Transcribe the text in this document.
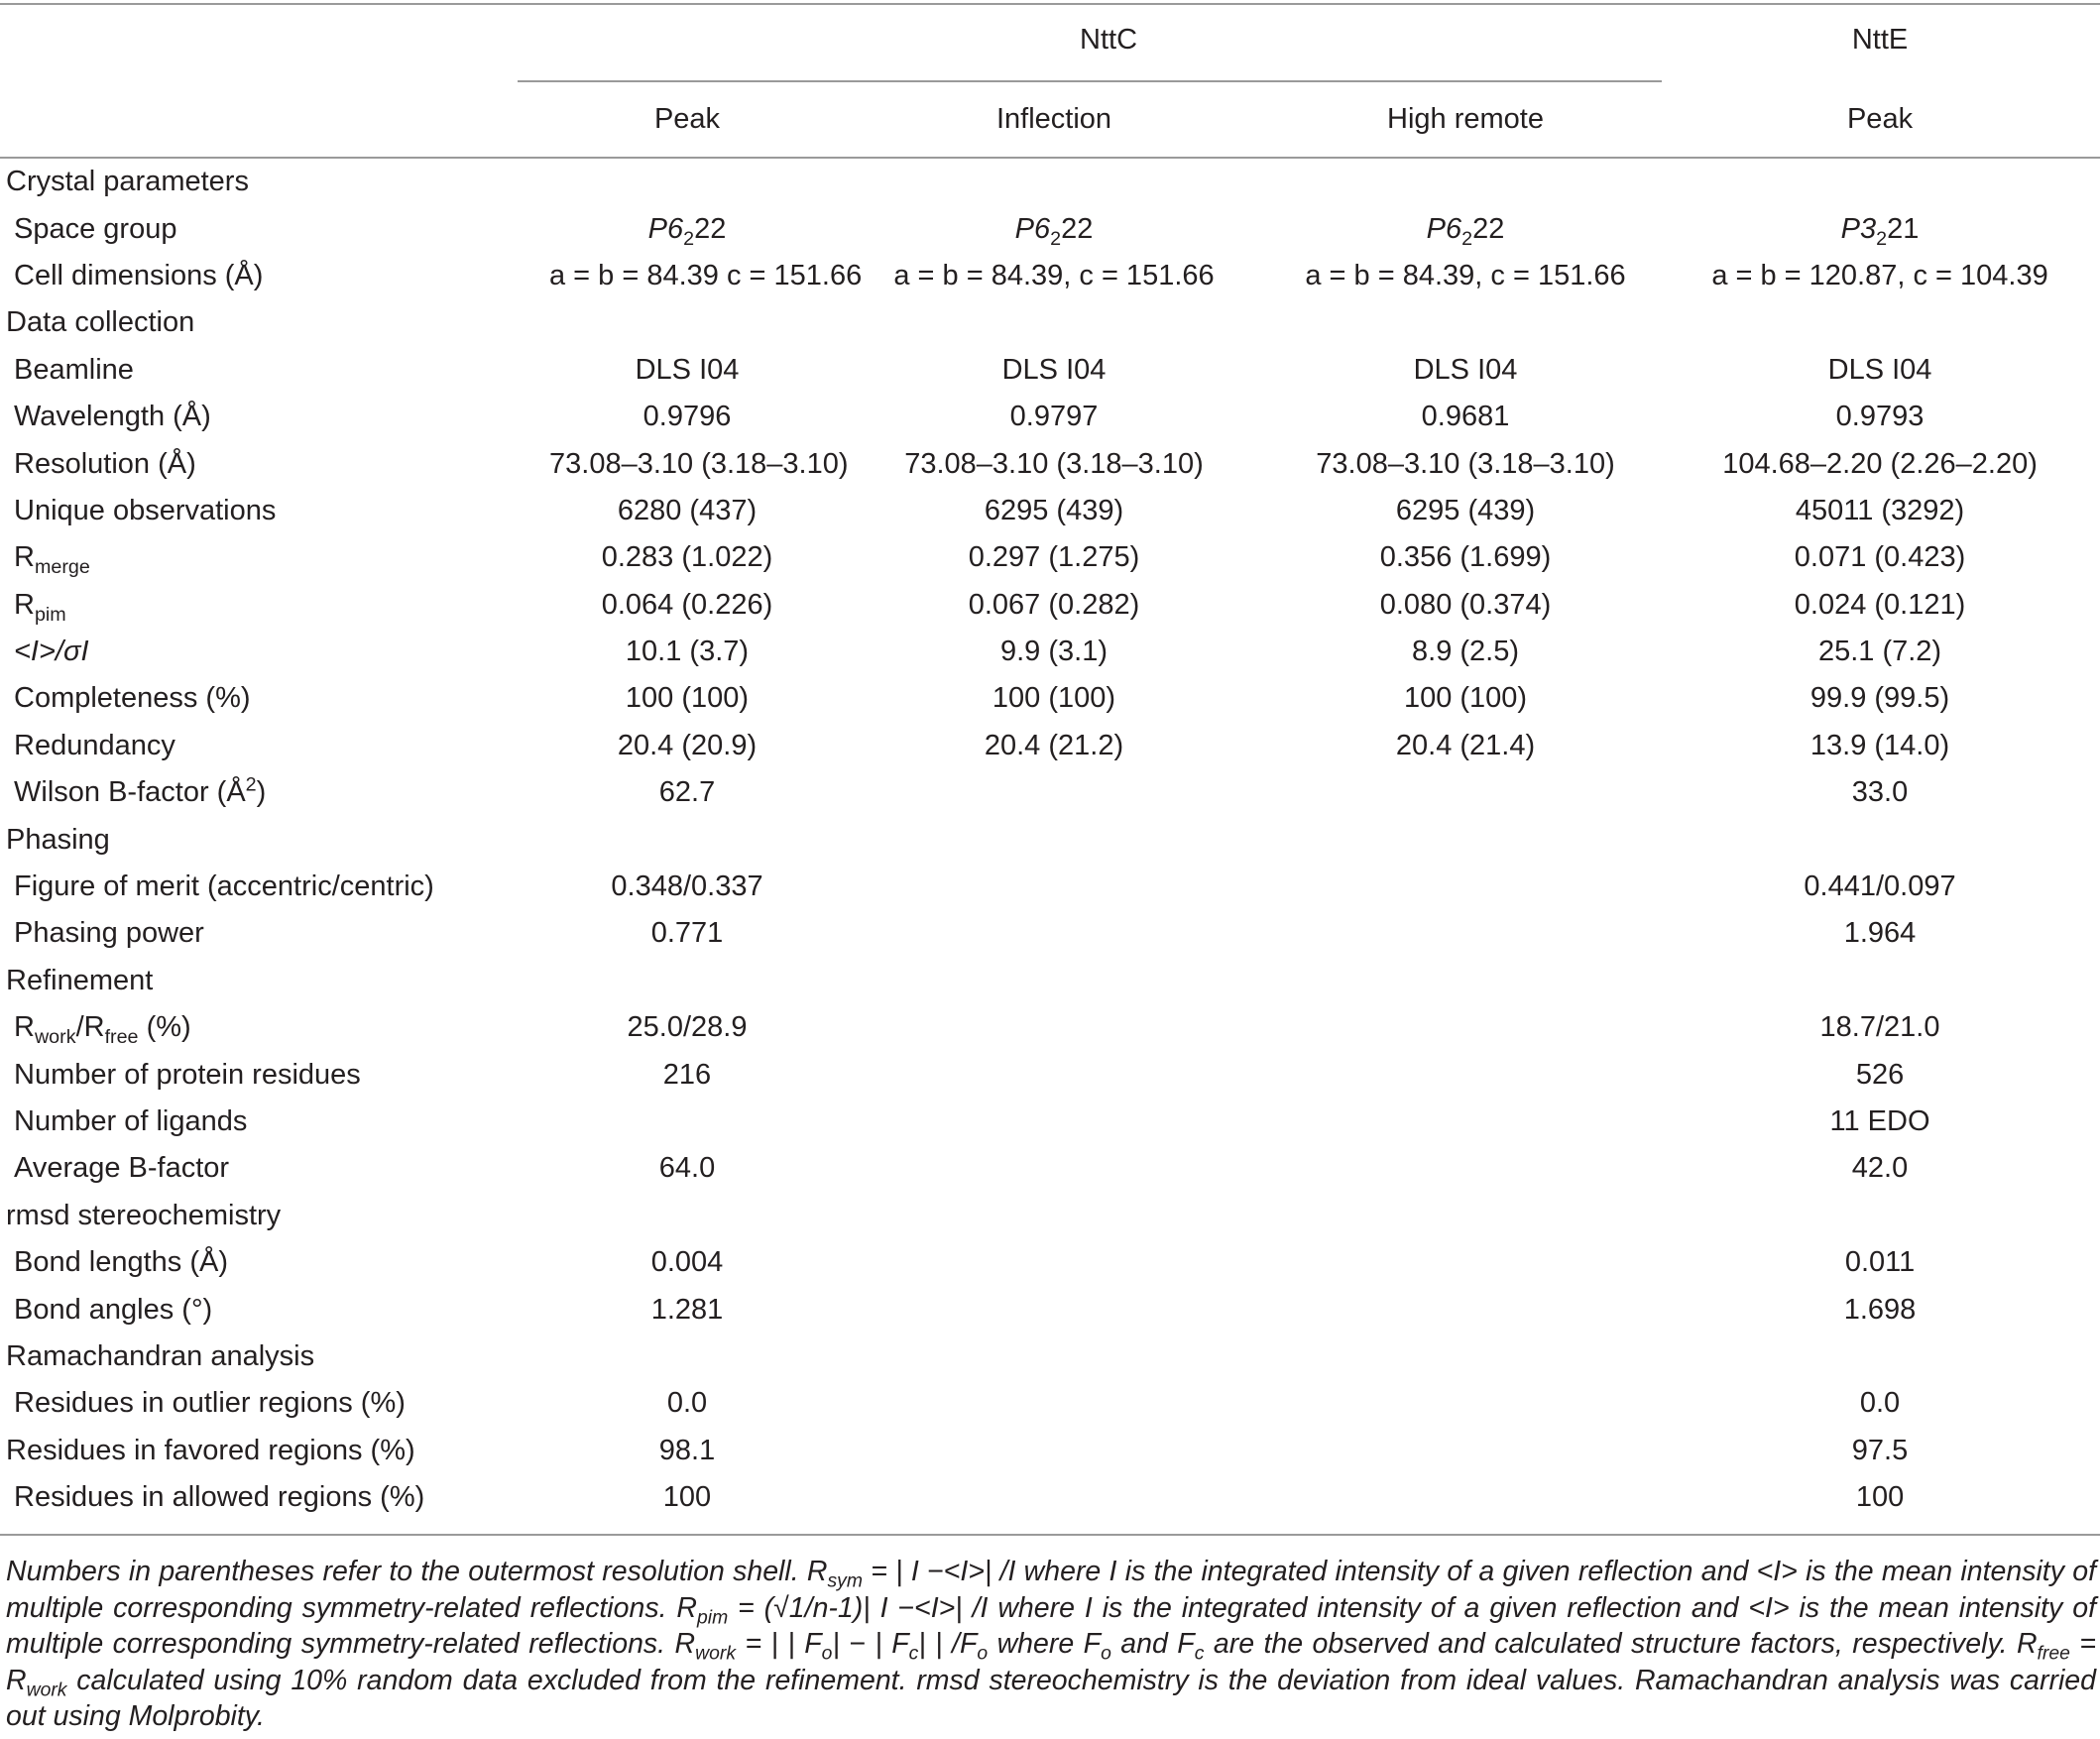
	NttC			NttE
	Peak	Inflection	High remote	Peak
Crystal parameters				
Space group	$P6_222$	$P6_222$	$P6_222$	$P3_221$
Cell dimensions (Å)	a = b = 84.39 c = 151.66	a = b = 84.39, c = 151.66	a = b = 84.39, c = 151.66	a = b = 120.87, c = 104.39
Data collection				
Beamline	DLS I04	DLS I04	DLS I04	DLS I04
Wavelength (Å)	0.9796	0.9797	0.9681	0.9793
Resolution (Å)	73.08–3.10 (3.18–3.10)	73.08–3.10 (3.18–3.10)	73.08–3.10 (3.18–3.10)	104.68–2.20 (2.26–2.20)
Unique observations	6280 (437)	6295 (439)	6295 (439)	45011 (3292)
$R_{merge}$	0.283 (1.022)	0.297 (1.275)	0.356 (1.699)	0.071 (0.423)
$R_{pim}$	0.064 (0.226)	0.067 (0.282)	0.080 (0.374)	0.024 (0.121)
<I>/σI	10.1 (3.7)	9.9 (3.1)	8.9 (2.5)	25.1 (7.2)
Completeness (%)	100 (100)	100 (100)	100 (100)	99.9 (99.5)
Redundancy	20.4 (20.9)	20.4 (21.2)	20.4 (21.4)	13.9 (14.0)
Wilson B-factor $(Å^2)$	62.7			33.0
Phasing				
Figure of merit (accentric/centric)	0.348/0.337			0.441/0.097
Phasing power	0.771			1.964
Refinement				
$R_{work}/R_{free}$ (%)	25.0/28.9			18.7/21.0
Number of protein residues	216			526
Number of ligands				11 EDO
Average B-factor	64.0			42.0
rmsd stereochemistry				
Bond lengths (Å)	0.004			0.011
Bond angles (°)	1.281			1.698
Ramachandran analysis				
Residues in outlier regions (%)	0.0			0.0
Residues in favored regions (%)	98.1			97.5
Residues in allowed regions (%)	100			100
Numbers in parentheses refer to the outermost resolution shell. $R_{sym}$ = | I −<I>| /I where I is the integrated intensity of a given reflection and <I> is the mean intensity of multiple corresponding symmetry-related reflections. $R_{pim} = (√1/n-1)|$ I −<I>| /I where I is the integrated intensity of a given reflection and <I> is the mean intensity of multiple corresponding symmetry-related reflections. $R_{work}$ = | | $F_o|$ − | $F_c|$ | $/F_o$ where $F_o$ and $F_c$ are the observed and calculated structure factors, respectively. $R_{free} = R_{work}$ calculated using 10% random data excluded from the refinement. rmsd stereochemistry is the deviation from ideal values. Ramachandran analysis was carried out using Molprobity.
